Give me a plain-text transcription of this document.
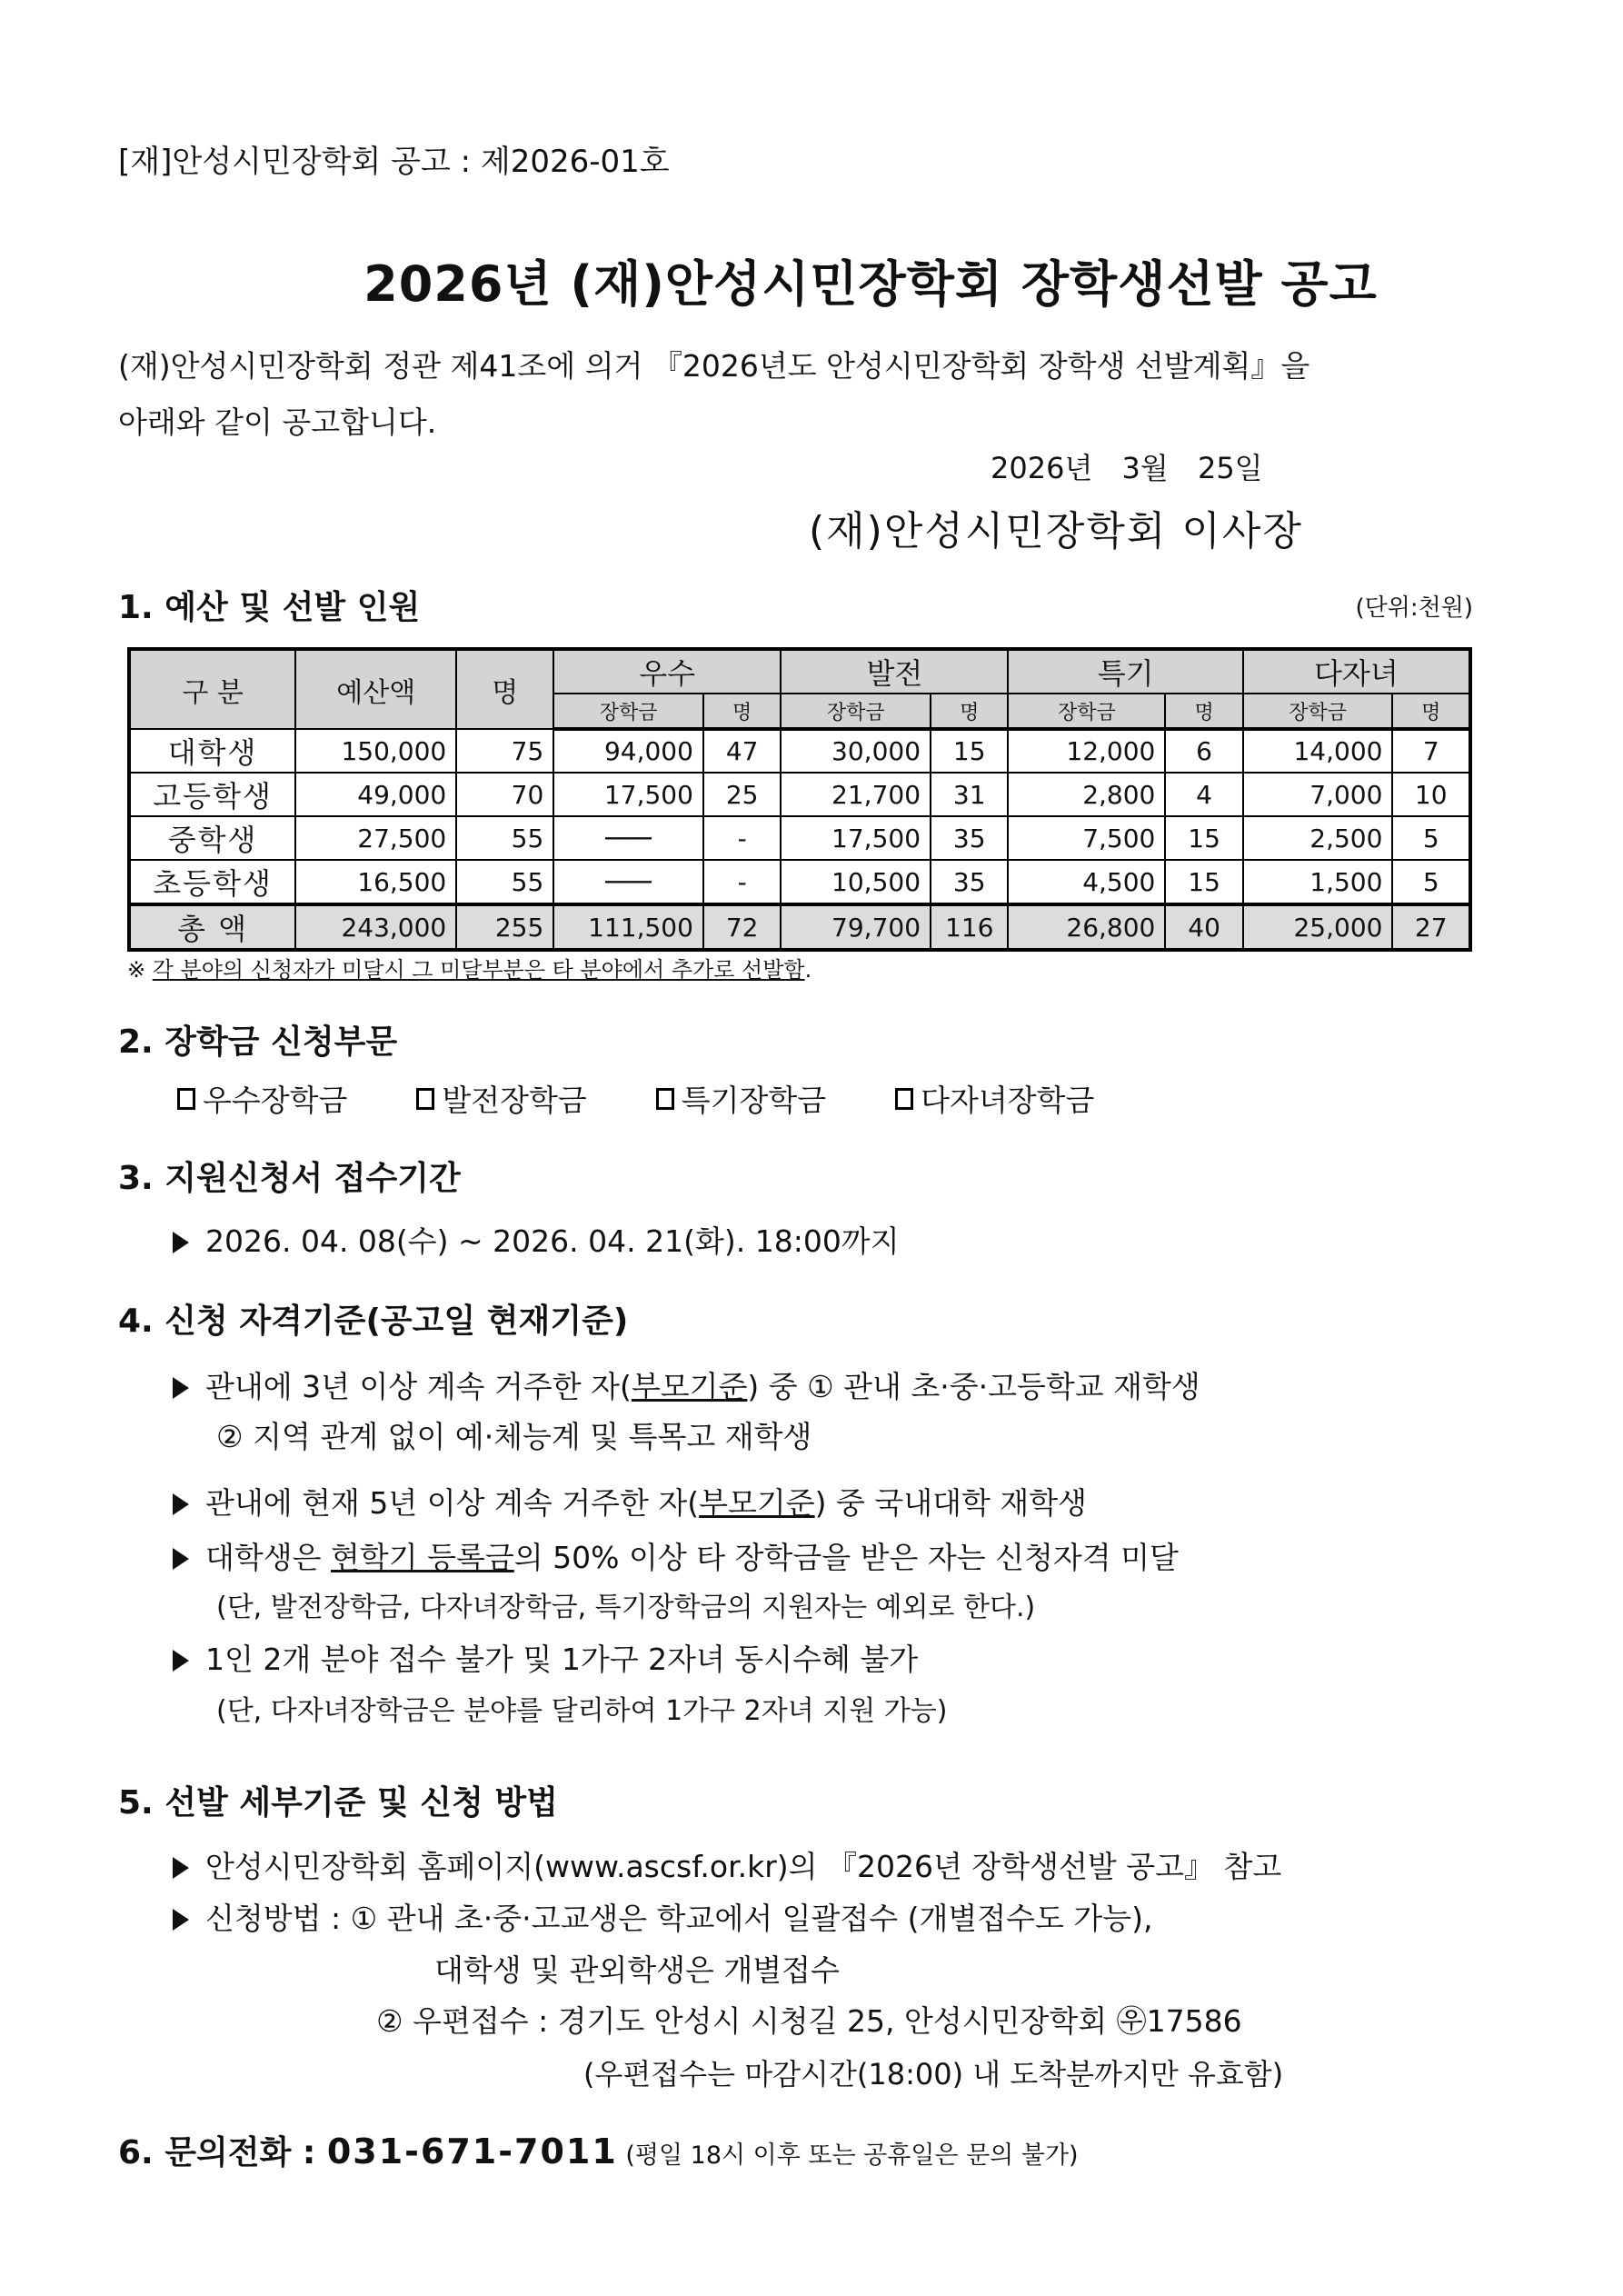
[재]안성시민장학회 공고 : 제2026-01호
2026년 (재)안성시민장학회 장학생선발 공고
(재)안성시민장학회 정관 제41조에 의거 『2026년도 안성시민장학회 장학생 선발계획』을
아래와 같이 공고합니다.
2026년 3월 25일
(재)안성시민장학회 이사장
1. 예산 및 선발 인원	(단위:천원)
구 분	예산액	명	우수		발전		특기		다자녀	
			장학금	명	장학금	명	장학금	명	장학금	명
대학생	150,000	75	94,000	47	30,000	15	12,000	6	14,000	7
고등학생	49,000	70	17,500	25	21,700	31	2,800	4	7,000	10
중학생	27,500	55	───	-	17,500	35	7,500	15	2,500	5
초등학생	16,500	55	───	-	10,500	35	4,500	15	1,500	5
총 액	243,000	255	111,500	72	79,700	116	26,800	40	25,000	27
※ 각 분야의 신청자가 미달시 그 미달부분은 타 분야에서 추가로 선발함.
2. 장학금 신청부문
우수장학금	발전장학금	특기장학금	다자녀장학금
3. 지원신청서 접수기간
2026. 04. 08(수) ~ 2026. 04. 21(화). 18:00까지
4. 신청 자격기준(공고일 현재기준)
관내에 3년 이상 계속 거주한 자(부모기준) 중 ① 관내 초·중·고등학교 재학생
② 지역 관계 없이 예·체능계 및 특목고 재학생
관내에 현재 5년 이상 계속 거주한 자(부모기준) 중 국내대학 재학생
대학생은 현학기 등록금의 50% 이상 타 장학금을 받은 자는 신청자격 미달
(단, 발전장학금, 다자녀장학금, 특기장학금의 지원자는 예외로 한다.)
1인 2개 분야 접수 불가 및 1가구 2자녀 동시수혜 불가
(단, 다자녀장학금은 분야를 달리하여 1가구 2자녀 지원 가능)
5. 선발 세부기준 및 신청 방법
안성시민장학회 홈페이지(www.ascsf.or.kr)의 『2026년 장학생선발 공고』 참고
신청방법 : ① 관내 초·중·고교생은 학교에서 일괄접수 (개별접수도 가능),
대학생 및 관외학생은 개별접수
② 우편접수 : 경기도 안성시 시청길 25, 안성시민장학회 ㉾17586
(우편접수는 마감시간(18:00) 내 도착분까지만 유효함)
6. 문의전화 : 031-671-7011 (평일 18시 이후 또는 공휴일은 문의 불가)
